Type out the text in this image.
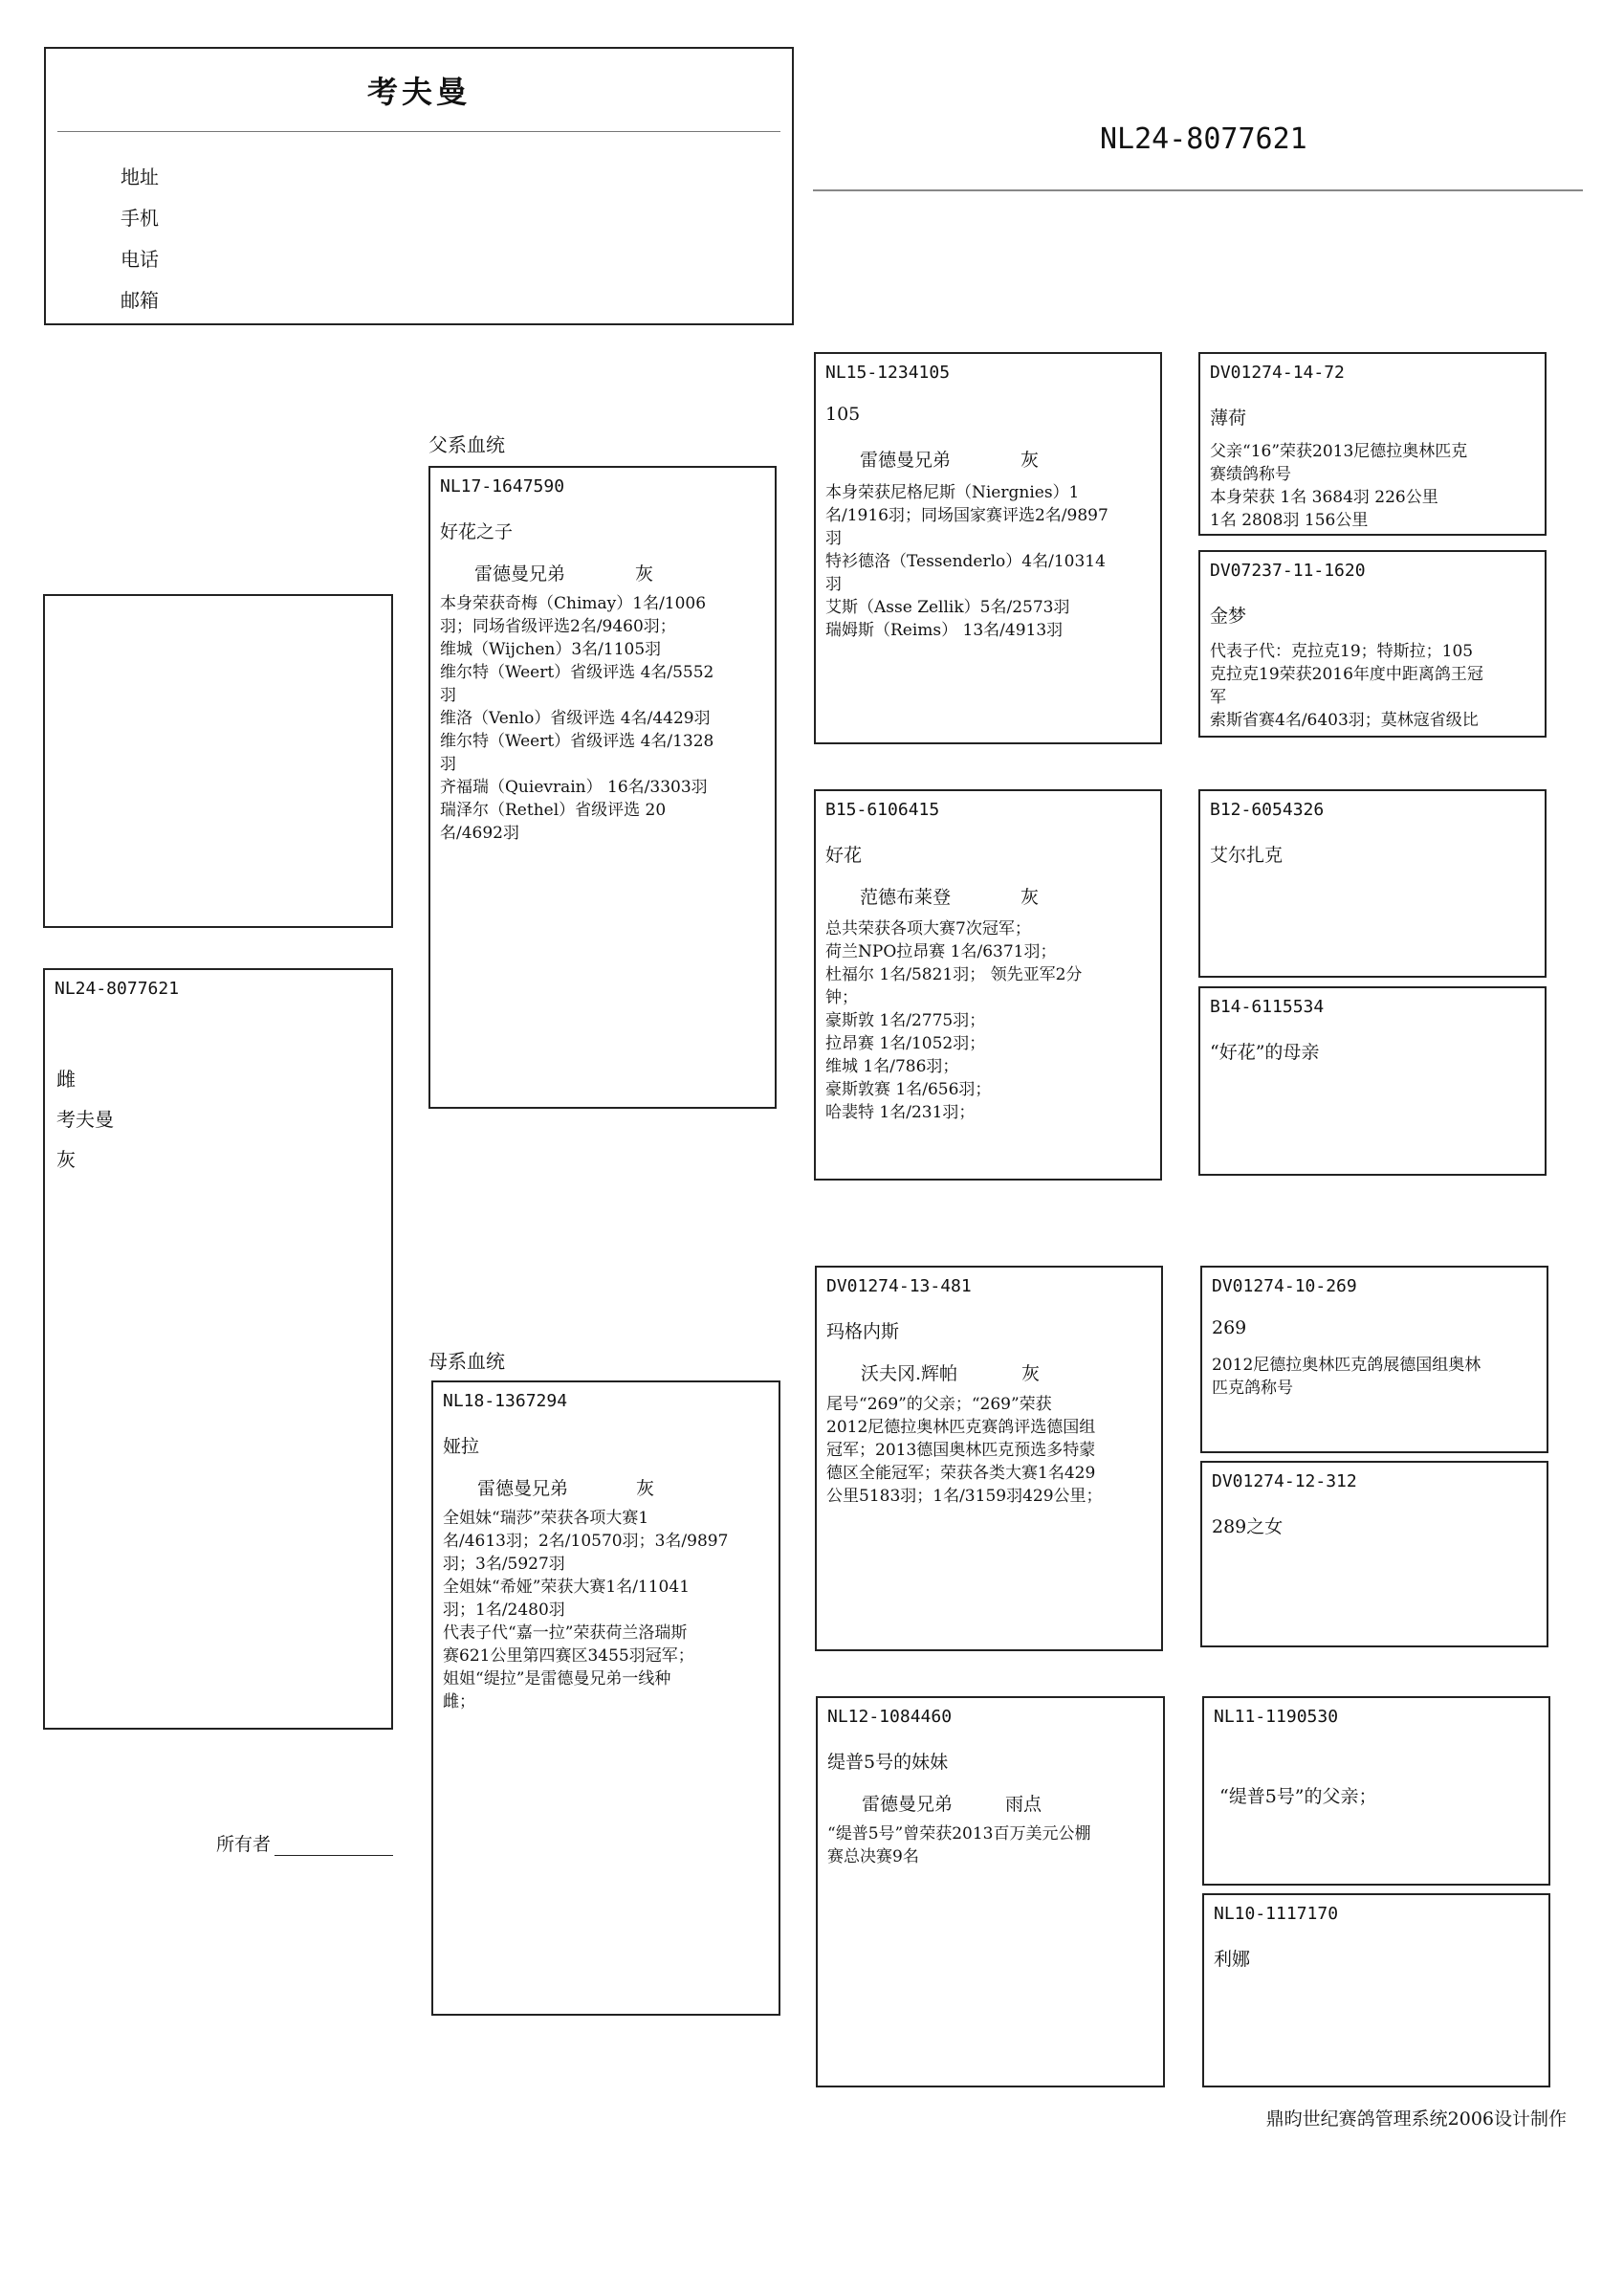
考夫曼
地址
手机
电话
邮箱
NL24-8077621
NL24-8077621
雌
考夫曼
灰
所有者
父系血统
NL17-1647590
好花之子
雷德曼兄弟	灰
本身荣获奇梅（Chimay）1名/1006
羽；同场省级评选2名/9460羽；
维城（Wijchen）3名/1105羽
维尔特（Weert）省级评选 4名/5552
羽
维洛（Venlo）省级评选 4名/4429羽
维尔特（Weert）省级评选 4名/1328
羽
齐福瑞（Quievrain） 16名/3303羽
瑞泽尔（Rethel）省级评选 20
名/4692羽
母系血统
NL18-1367294
娅拉
雷德曼兄弟	灰
全姐妹“瑞莎”荣获各项大赛1
名/4613羽；2名/10570羽；3名/9897
羽；3名/5927羽
全姐妹“希娅”荣获大赛1名/11041
羽；1名/2480羽
代表子代“嘉一拉”荣获荷兰洛瑞斯
赛621公里第四赛区3455羽冠军；
姐姐“缇拉”是雷德曼兄弟一线种
雌；
NL15-1234105
105
雷德曼兄弟	灰
本身荣获尼格尼斯（Niergnies）1
名/1916羽；同场国家赛评选2名/9897
羽
特衫德洛（Tessenderlo）4名/10314
羽
艾斯（Asse Zellik）5名/2573羽
瑞姆斯（Reims） 13名/4913羽
B15-6106415
好花
范德布莱登	灰
总共荣获各项大赛7次冠军；
荷兰NPO拉昂赛 1名/6371羽；
杜福尔 1名/5821羽； 领先亚军2分
钟；
豪斯敦 1名/2775羽；
拉昂赛 1名/1052羽；
维城 1名/786羽；
豪斯敦赛 1名/656羽；
哈裴特 1名/231羽；
DV01274-13-481
玛格内斯
沃夫冈.辉帕	灰
尾号“269”的父亲；“269”荣获
2012尼德拉奥林匹克赛鸽评选德国组
冠军；2013德国奥林匹克预选多特蒙
德区全能冠军；荣获各类大赛1名429
公里5183羽；1名/3159羽429公里；
NL12-1084460
缇普5号的妹妹
雷德曼兄弟	雨点
“缇普5号”曾荣获2013百万美元公棚
赛总决赛9名
DV01274-14-72
薄荷
父亲“16”荣获2013尼德拉奥林匹克
赛绩鸽称号
本身荣获 1名 3684羽 226公里
1名 2808羽 156公里
DV07237-11-1620
金梦
代表子代：克拉克19；特斯拉；105
克拉克19荣获2016年度中距离鸽王冠
军
索斯省赛4名/6403羽；莫林寇省级比
B12-6054326
艾尔扎克
B14-6115534
“好花”的母亲
DV01274-10-269
269
2012尼德拉奥林匹克鸽展德国组奥林
匹克鸽称号
DV01274-12-312
289之女
NL11-1190530
“缇普5号”的父亲；
NL10-1117170
利娜
鼎昀世纪赛鸽管理系统2006设计制作
